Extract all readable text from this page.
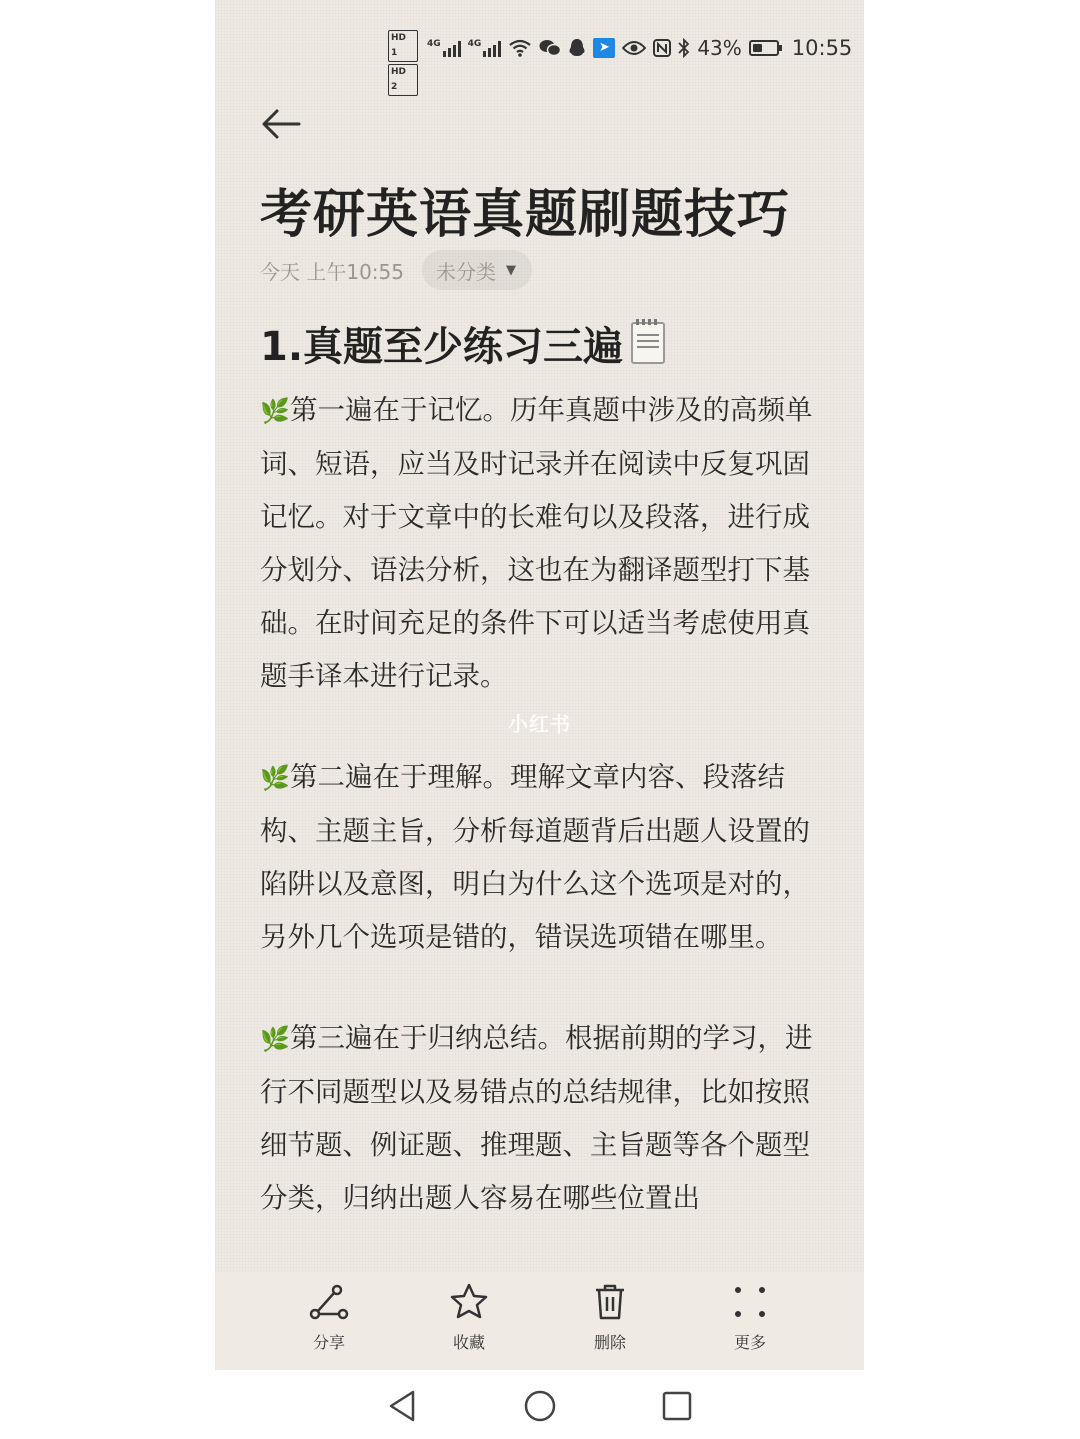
HD 1
HD 2
4G	4G	➤	43% 10:55
考研英语真题刷题技巧
今天 上午10:55 未分类 ▼
1.真题至少练习三遍

🌿第一遍在于记忆。历年真题中涉及的高频单词、短语，应当及时记录并在阅读中反复巩固记忆。对于文章中的长难句以及段落，进行成分划分、语法分析，这也在为翻译题型打下基础。在时间充足的条件下可以适当考虑使用真题手译本进行记录。

🌿第二遍在于理解。理解文章内容、段落结构、主题主旨，分析每道题背后出题人设置的陷阱以及意图，明白为什么这个选项是对的，另外几个选项是错的，错误选项错在哪里。

🌿第三遍在于归纳总结。根据前期的学习，进行不同题型以及易错点的总结规律，比如按照细节题、例证题、推理题、主旨题等各个题型分类，归纳出题人容易在哪些位置出

小红书
分享	收藏	删除	更多
